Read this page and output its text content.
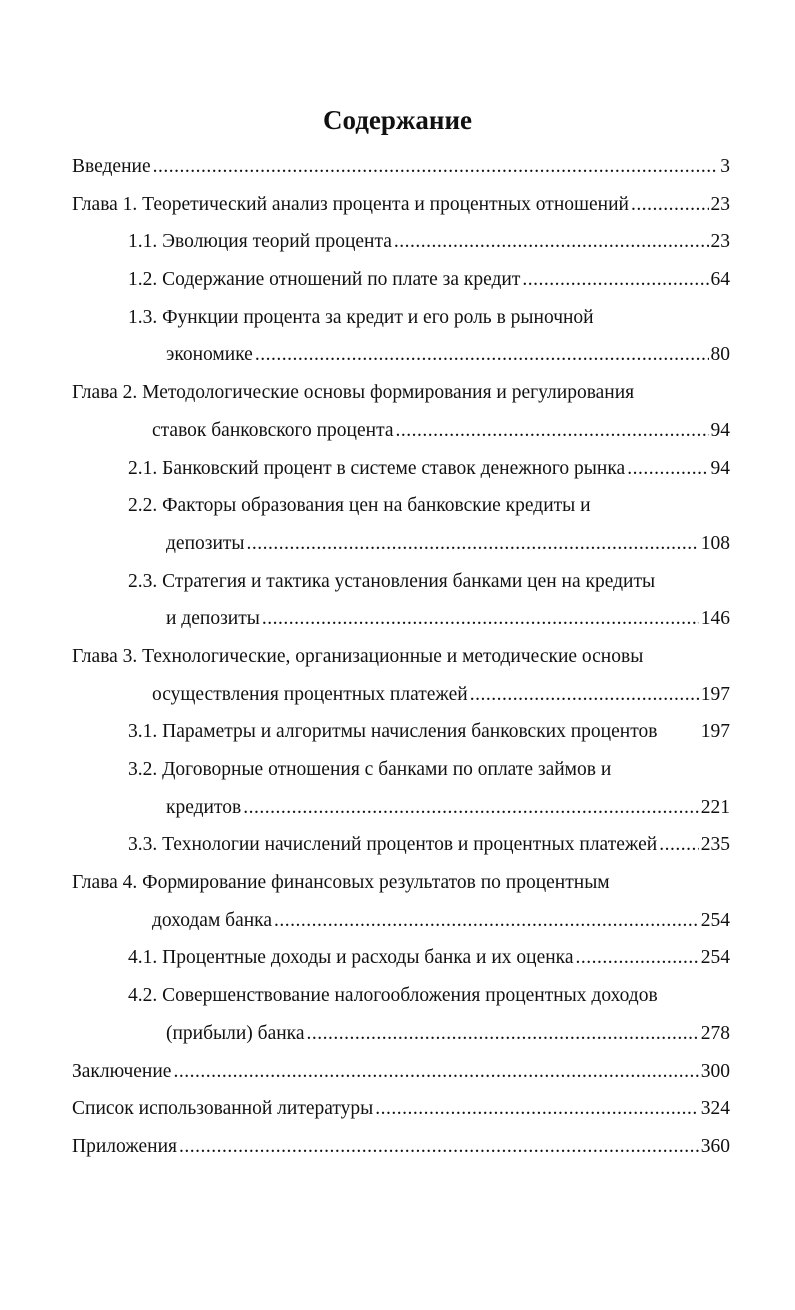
Содержание
Введение .....	3
Глава 1. Теоретический анализ процента и процентных отношений .....	23
1.1. Эволюция теорий процента .....	23
1.2. Содержание отношений по плате за кредит .....	64
1.3. Функции процента за кредит и его роль в рыночной
экономике .....	80
Глава 2. Методологические основы формирования и регулирования
ставок банковского процента .....	94
2.1. Банковский процент в системе ставок денежного рынка .....	94
2.2. Факторы образования цен на банковские кредиты и
депозиты .....	108
2.3. Стратегия и тактика установления банками цен на кредиты
и депозиты .....	146
Глава 3. Технологические, организационные и методические основы
осуществления процентных платежей .....	197
3.1. Параметры и алгоритмы начисления банковских процентов 197
3.2. Договорные отношения с банками по оплате займов и
кредитов .....	221
3.3. Технологии начислений процентов и процентных платежей ..... 235
Глава 4. Формирование финансовых результатов по процентным
доходам банка .....	254
4.1. Процентные доходы и расходы банка и их оценка .....	254
4.2. Совершенствование налогообложения процентных доходов
(прибыли) банка .....	278
Заключение .....	300
Список использованной литературы .....	324
Приложения .....	360
